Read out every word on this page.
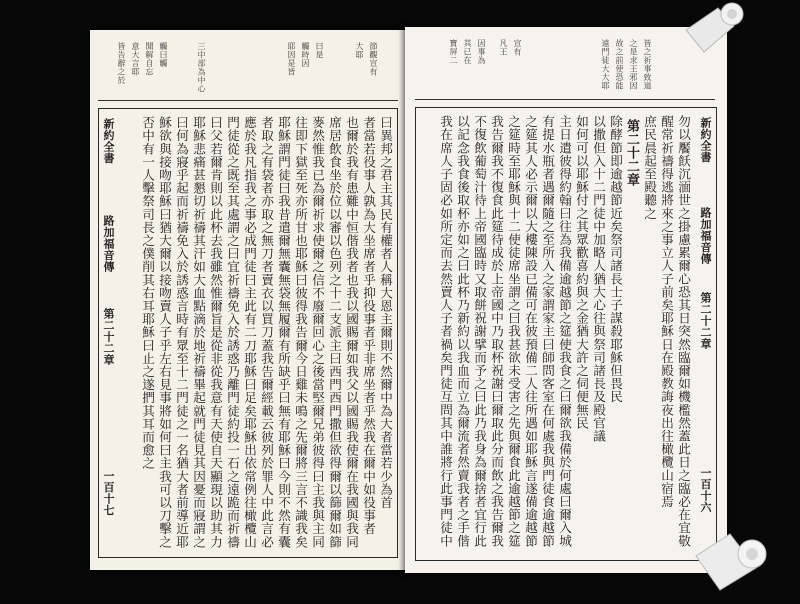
皆告辭之於 意大言耶 聞解自忘 觸曰觸	三中部為中心	耶因是皆 觸時因 曰是	大耶 節觀宣有
新約全書
路加福音傳
第二十二章
一百十七	曰異邦之君主其民有權者人稱大恩主爾則不然爾中為大者當若少為首
者當若役事人孰為大坐席者乎抑役事者乎非席坐者乎然我在爾中如役事者
也爾於我有患難中恒偕我者也我以國賜爾如我父以國賜我使爾在我國與我同
席居飲食坐於位以審以色列之十二支派主曰西門西門撒但欲得爾以篩爾如篩
麥然惟我已為爾祈求使爾之信不廢爾回心之後當堅爾兄弟彼得曰主我與主同
往即下獄至死亦所甘也耶穌曰彼得我告爾今日雞未鳴之先爾將三言不識我矣
耶穌謂門徒曰我昔遣爾無囊無袋無履爾有所缺乎曰無有耶穌曰今則不然有囊
者取之有袋者亦取之無刀者賣衣以買刀蓋我告爾經載云彼列於罪人中此言必
應於我凡指我之事必成門徒曰主此有二刀耶穌曰足矣耶穌出依常例往橄欖山
門徒從之既至其處謂之曰宜祈禱免入於誘惑乃離門徒約投一石之遠跪而祈禱
曰父若爾肯則以此杯去我雖然惟爾旨是從非從我意有天使自天顯現以助其力
耶穌悲痛甚懇切祈禱其汗如大血點滴於地祈禱畢起就門徒見其因憂而寢謂之
曰何為寢乎起而祈禱免入於誘惑言時有眾至十二門徒之一名猶大者前導近耶
穌欲與接吻耶穌曰猶大爾以接吻賣人子乎左右見事將如何曰主我可以刀擊之
否中有一人擊祭司長之僕削其右耳耶穌曰止之遂捫其耳而愈之
遠門徒大大耶 故之前使恐能 之是求王邪因 皆之祈事致道
寶屏二 其已在 因事為 凡王 宣有
新約全書
路加福音傳
第二十二章
一百十六
勿以饜飫沉湎世之掛慮累爾心恐其日突然臨爾如機檻然蓋此日之臨必在宜敬
醒常祈禱得逃將來之事立人子前矣耶穌日在殿教誨夜出往橄欖山宿焉
庶民晨起至殿聽之
第二十二章
除酵節即逾越節近矣祭司諸長士子謀殺耶穌但畏民
以撒但入十二門徒中加略人猶大心往與祭司諸長及殿官議
如何可以耶穌付之其眾歡喜約與之金猶大許之伺便無民
主日遣彼得約翰曰往為我備逾越節之筵使我食之曰爾欲我備於何處曰爾入城
有提水瓶者遇爾隨之至所入之家謂家主曰師問客室在何處我與門徒食逾越節
之筵其人必示爾以大樓陳設已備可在彼預備二人往所遇如耶穌言遂備逾越節
之筵時至耶穌與十二使徒席坐謂之曰我甚欲未受害之先與爾食此逾越節之筵
我告爾我不復食此筵待成於上帝國中乃取杯祝謝曰爾取此分而飲之我告爾我
不復飲葡萄汁待上帝國臨時又取餅祝謝擘而予之曰此乃我身為爾捨者宜行此
以記念我食後取杯亦如之曰此杯乃新約以我血而立為爾流者然賣我者之手偕
我在席人子固必如所定而去然賣人子者禍矣門徒互問其中誰將行此事門徒中
